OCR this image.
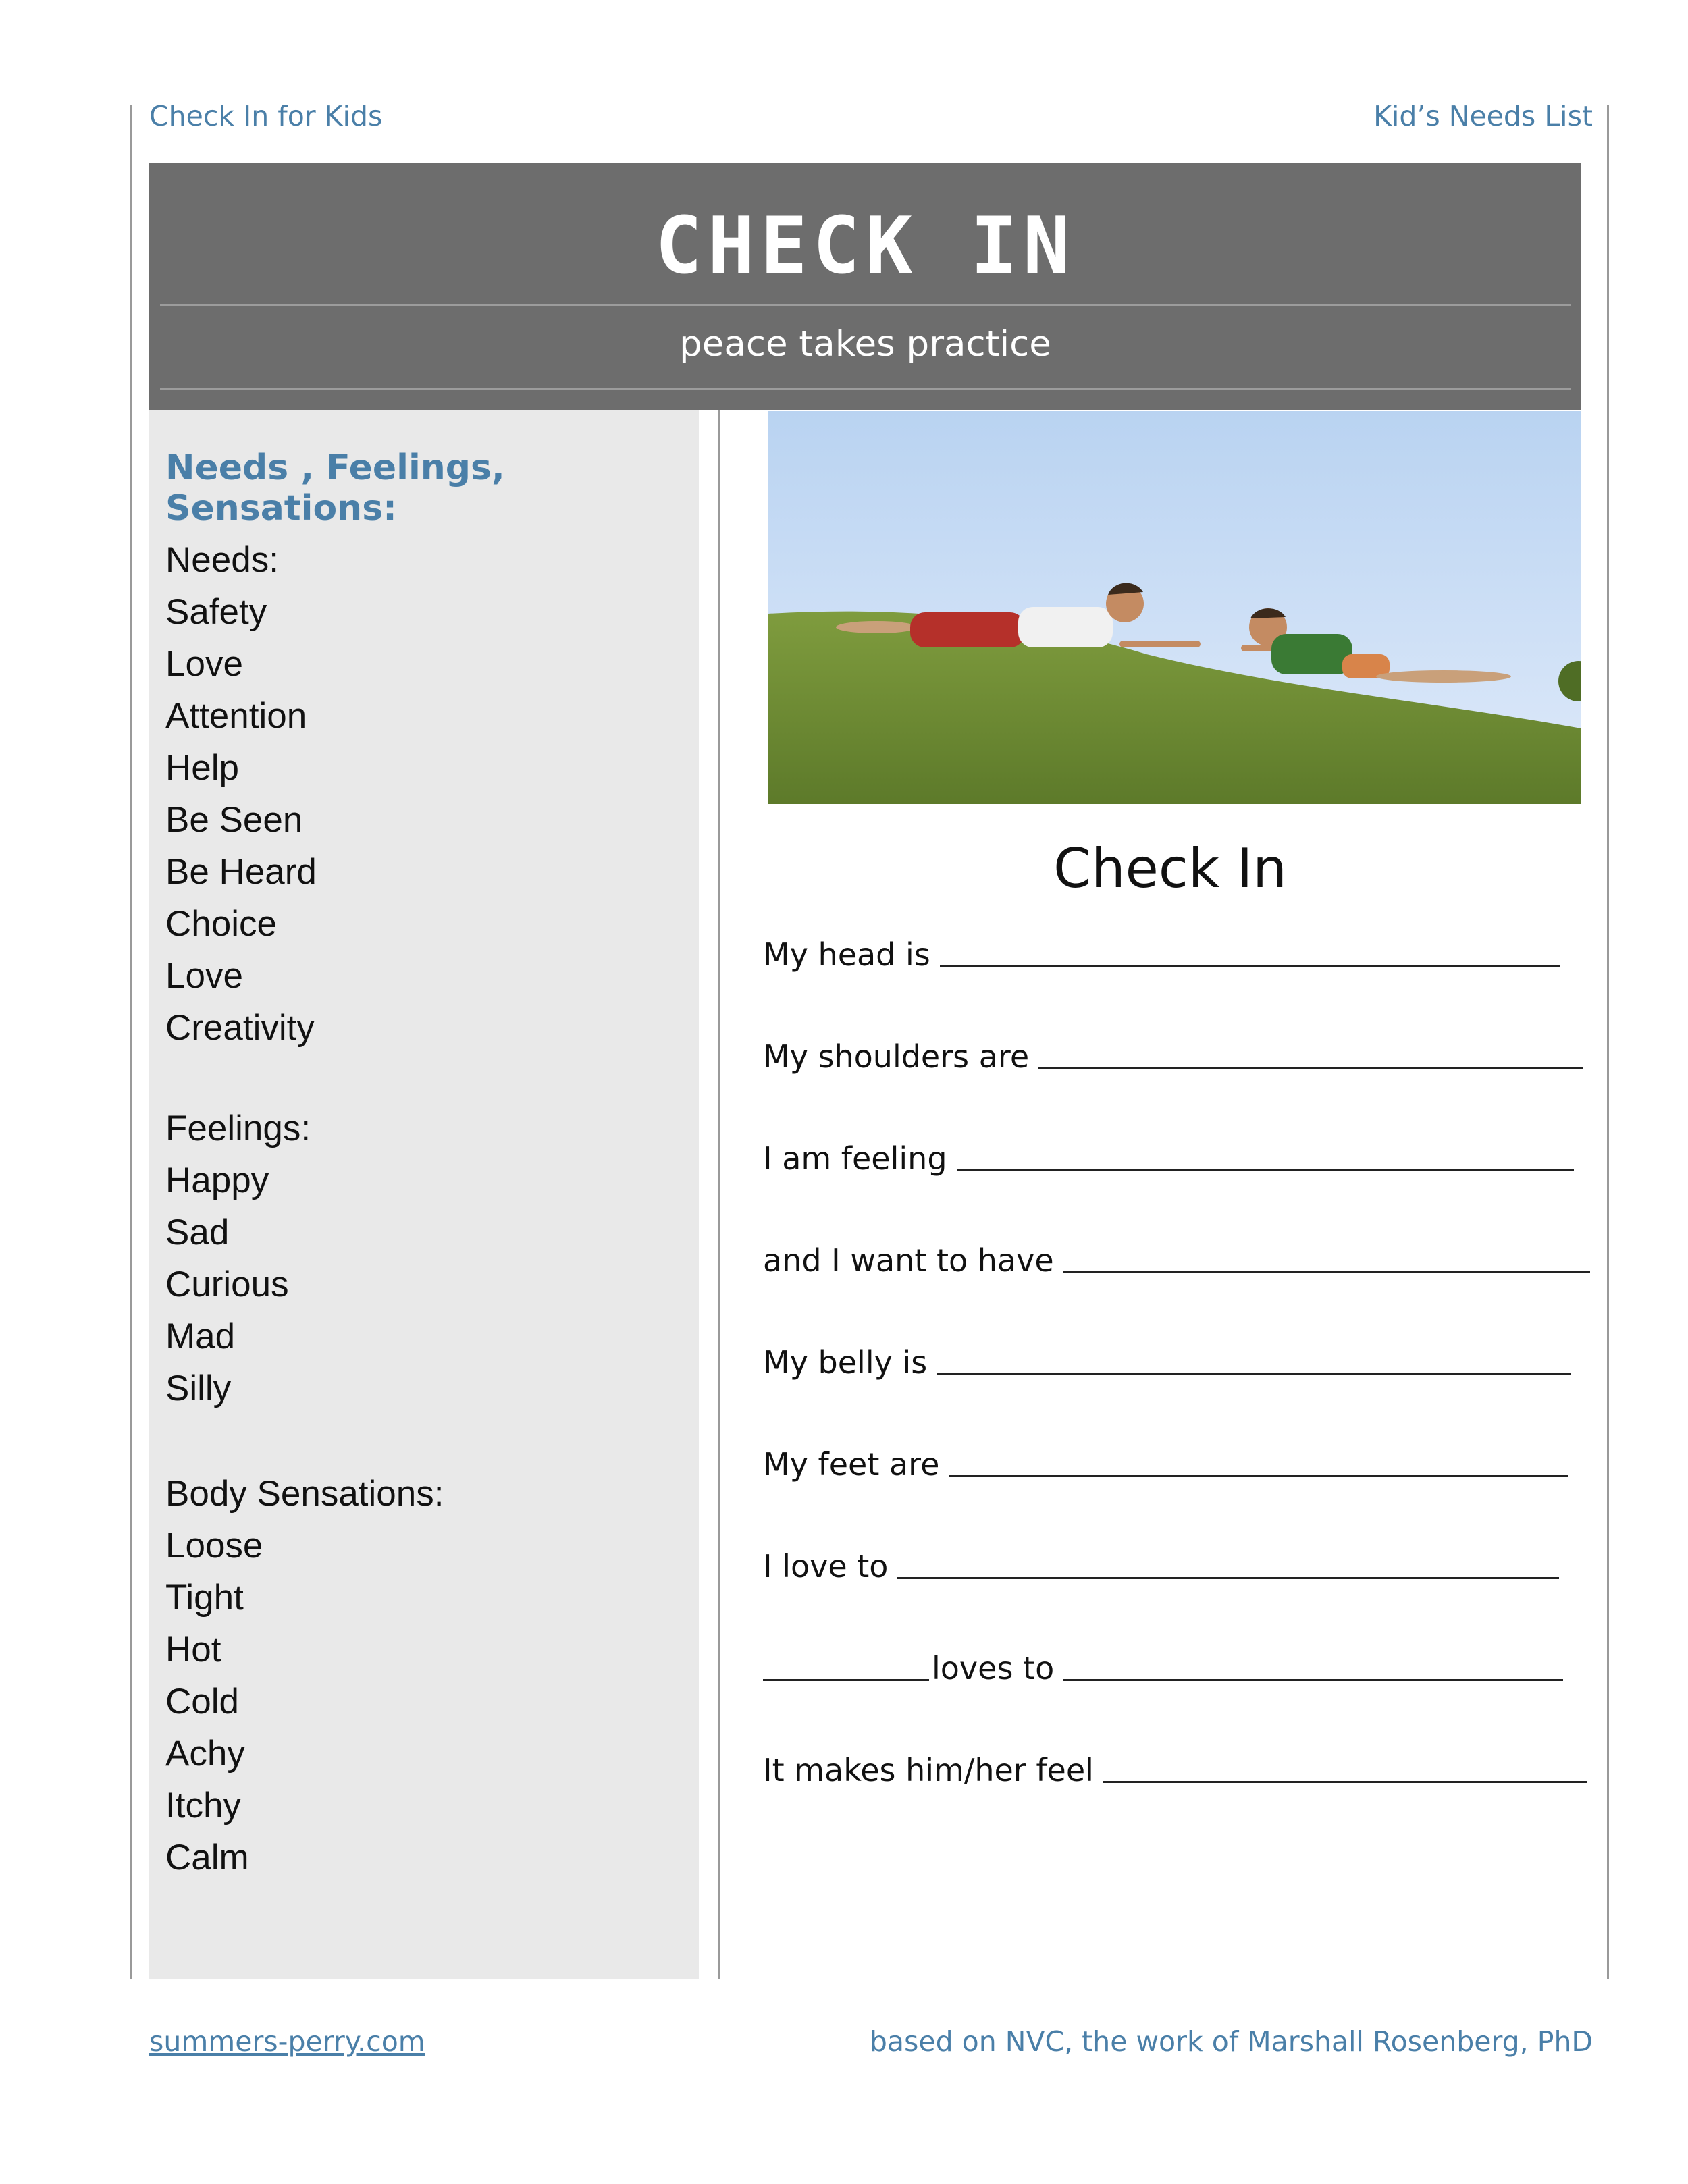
Check In for Kids	Kid’s Needs List

CHECK IN

peace takes practice

Needs , Feelings, Sensations:

Needs:
Safety
Love
Attention
Help
Be Seen
Be Heard
Choice
Love
Creativity
Feelings:
Happy
Sad
Curious
Mad
Silly
Body Sensations:
Loose
Tight
Hot
Cold
Achy
Itchy
Calm

Check In

My head is
My shoulders are
I am feeling
and I want to have
My belly is
My feet are
I love to
loves to
It makes him/her feel

summers-perry.com	based on NVC, the work of Marshall Rosenberg, PhD
